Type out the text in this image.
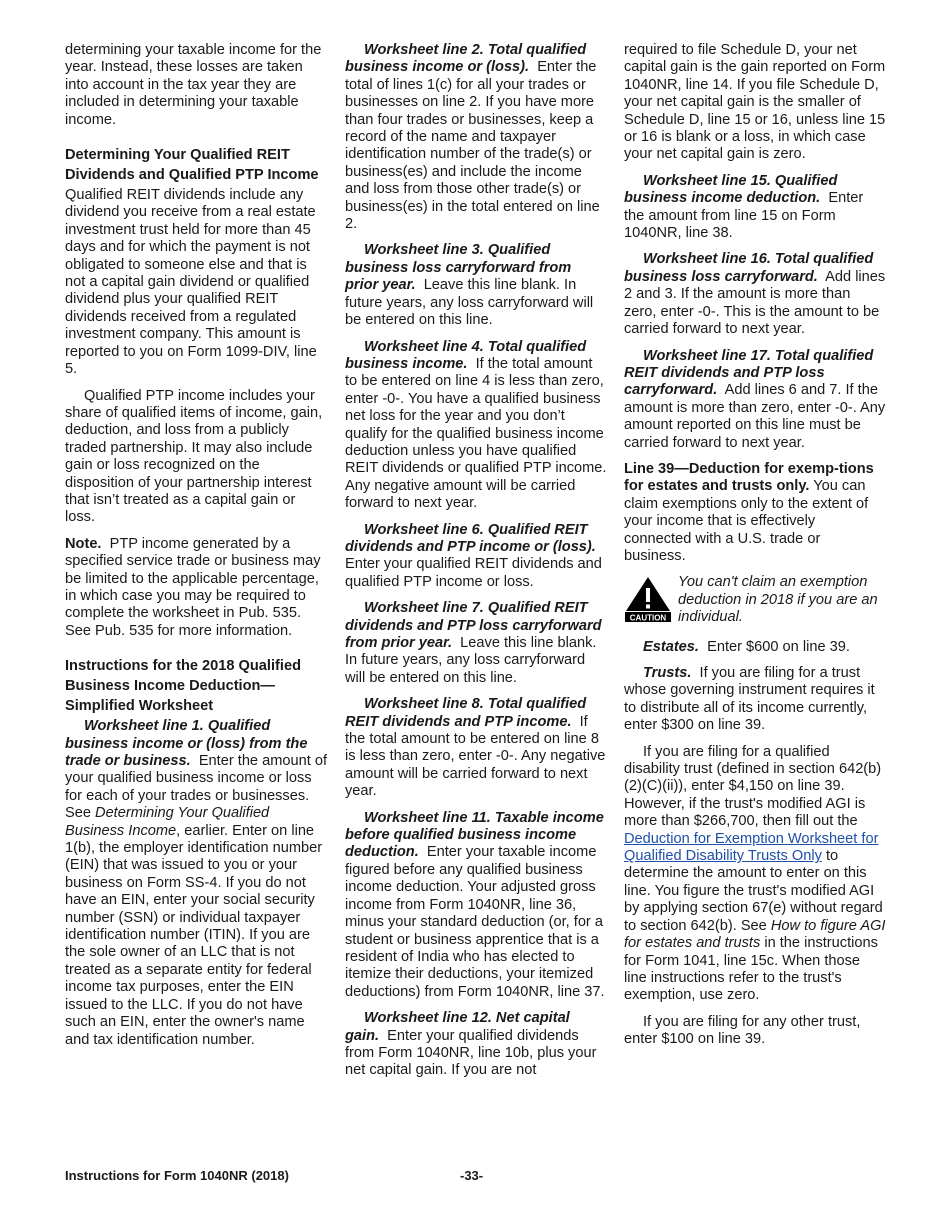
determining your taxable income for the year. Instead, these losses are taken into account in the tax year they are included in determining your taxable income.

Determining Your Qualified REIT Dividends and Qualified PTP Income

Qualified REIT dividends include any dividend you receive from a real estate investment trust held for more than 45 days and for which the payment is not obligated to someone else and that is not a capital gain dividend or qualified dividend plus your qualified REIT dividends received from a regulated investment company. This amount is reported to you on Form 1099-DIV, line 5.

Qualified PTP income includes your share of qualified items of income, gain, deduction, and loss from a publicly traded partnership. It may also include gain or loss recognized on the disposition of your partnership interest that isn’t treated as a capital gain or loss.

Note. PTP income generated by a specified service trade or business may be limited to the applicable percentage, in which case you may be required to complete the worksheet in Pub. 535. See Pub. 535 for more information.

Instructions for the 2018 Qualified Business Income Deduction—Simplified Worksheet

Worksheet line 1. Qualified business income or (loss) from the trade or business. Enter the amount of your qualified business income or loss for each of your trades or businesses. See Determining Your Qualified Business Income, earlier. Enter on line 1(b), the employer identification number (EIN) that was issued to you or your business on Form SS-4. If you do not have an EIN, enter your social security number (SSN) or individual taxpayer identification number (ITIN). If you are the sole owner of an LLC that is not treated as a separate entity for federal income tax purposes, enter the EIN issued to the LLC. If you do not have such an EIN, enter the owner's name and tax identification number.

Worksheet line 2. Total qualified business income or (loss). Enter the total of lines 1(c) for all your trades or businesses on line 2. If you have more than four trades or businesses, keep a record of the name and taxpayer identification number of the trade(s) or business(es) and include the income and loss from those other trade(s) or business(es) in the total entered on line 2.

Worksheet line 3. Qualified business loss carryforward from prior year. Leave this line blank. In future years, any loss carryforward will be entered on this line.

Worksheet line 4. Total qualified business income. If the total amount to be entered on line 4 is less than zero, enter -0-. You have a qualified business net loss for the year and you don’t qualify for the qualified business income deduction unless you have qualified REIT dividends or qualified PTP income. Any negative amount will be carried forward to next year.

Worksheet line 6. Qualified REIT dividends and PTP income or (loss).  Enter your qualified REIT dividends and qualified PTP income or loss.

Worksheet line 7. Qualified REIT dividends and PTP loss carryforward from prior year. Leave this line blank. In future years, any loss carryforward will be entered on this line.

Worksheet line 8. Total qualified REIT dividends and PTP income. If the total amount to be entered on line 8 is less than zero, enter -0-. Any negative amount will be carried forward to next year.

Worksheet line 11. Taxable income before qualified business income deduction. Enter your taxable income figured before any qualified business income deduction. Your adjusted gross income from Form 1040NR, line 36, minus your standard deduction (or, for a student or business apprentice that is a resident of India who has elected to itemize their deductions, your itemized deductions) from Form 1040NR, line 37.

Worksheet line 12. Net capital gain. Enter your qualified dividends from Form 1040NR, line 10b, plus your net capital gain. If you are not

required to file Schedule D, your net capital gain is the gain reported on Form 1040NR, line 14. If you file Schedule D, your net capital gain is the smaller of Schedule D, line 15 or 16, unless line 15 or 16 is blank or a loss, in which case your net capital gain is zero.

Worksheet line 15. Qualified business income deduction. Enter the amount from line 15 on Form 1040NR, line 38.

Worksheet line 16. Total qualified business loss carryforward. Add lines 2 and 3. If the amount is more than zero, enter -0-. This is the amount to be carried forward to next year.

Worksheet line 17. Total qualified REIT dividends and PTP loss carryforward. Add lines 6 and 7. If the amount is more than zero, enter -0-. Any amount reported on this line must be carried forward to next year.

Line 39—Deduction for exemp-tions for estates and trusts only. You can claim exemptions only to the extent of your income that is effectively connected with a U.S. trade or business.

CAUTION
You can't claim an exemption deduction in 2018 if you are an individual.

Estates. Enter $600 on line 39.

Trusts. If you are filing for a trust whose governing instrument requires it to distribute all of its income currently, enter $300 on line 39.

If you are filing for a qualified disability trust (defined in section 642(b)(2)(C)(ii)), enter $4,150 on line 39. However, if the trust's modified AGI is more than $266,700, then fill out the Deduction for Exemption Worksheet for Qualified Disability Trusts Only to determine the amount to enter on this line. You figure the trust's modified AGI by applying section 67(e) without regard to section 642(b). See How to figure AGI for estates and trusts in the instructions for Form 1041, line 15c. When those line instructions refer to the trust's exemption, use zero.

If you are filing for any other trust, enter $100 on line 39.

Instructions for Form 1040NR (2018)	-33-
